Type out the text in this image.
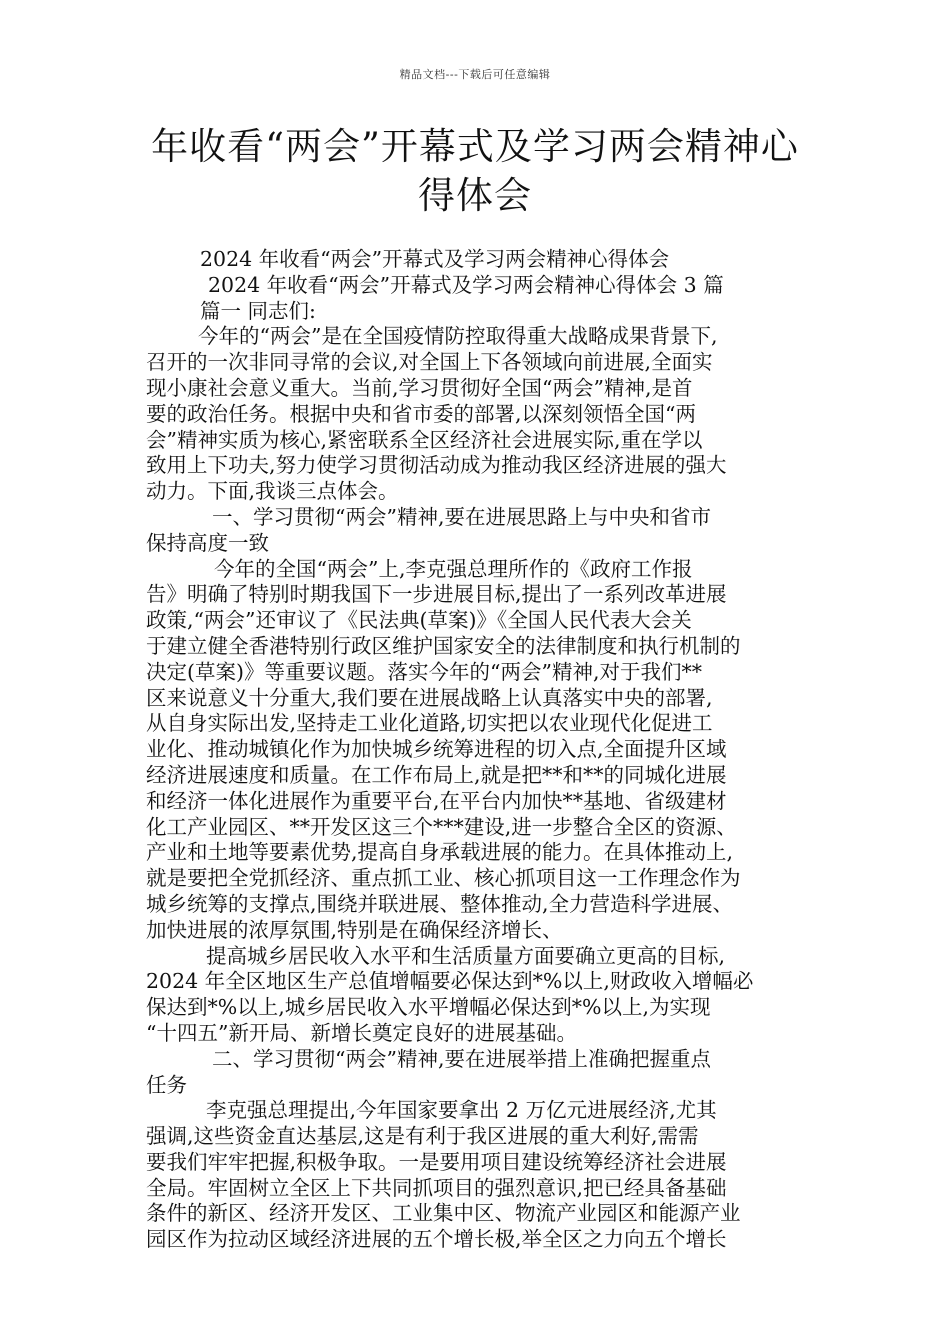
精品文档---下载后可任意编辑
年收看“两会”开幕式及学习两会精神心
得体会
2024 年收看“两会”开幕式及学习两会精神心得体会
2024 年收看“两会”开幕式及学习两会精神心得体会 3 篇
篇一 同志们:
今年的“两会”是在全国疫情防控取得重大战略成果背景下,
召开的一次非同寻常的会议,对全国上下各领域向前进展,全面实
现小康社会意义重大。当前,学习贯彻好全国“两会”精神,是首
要的政治任务。根据中央和省市委的部署,以深刻领悟全国“两
会”精神实质为核心,紧密联系全区经济社会进展实际,重在学以
致用上下功夫,努力使学习贯彻活动成为推动我区经济进展的强大
动力。下面,我谈三点体会。
一、学习贯彻“两会”精神,要在进展思路上与中央和省市
保持高度一致
今年的全国“两会”上,李克强总理所作的《政府工作报
告》明确了特别时期我国下一步进展目标,提出了一系列改革进展
政策,“两会”还审议了《民法典(草案)》《全国人民代表大会关
于建立健全香港特别行政区维护国家安全的法律制度和执行机制的
决定(草案)》等重要议题。落实今年的“两会”精神,对于我们**
区来说意义十分重大,我们要在进展战略上认真落实中央的部署,
从自身实际出发,坚持走工业化道路,切实把以农业现代化促进工
业化、推动城镇化作为加快城乡统筹进程的切入点,全面提升区域
经济进展速度和质量。在工作布局上,就是把**和**的同城化进展
和经济一体化进展作为重要平台,在平台内加快**基地、省级建材
化工产业园区、**开发区这三个***建设,进一步整合全区的资源、
产业和土地等要素优势,提高自身承载进展的能力。在具体推动上,
就是要把全党抓经济、重点抓工业、核心抓项目这一工作理念作为
城乡统筹的支撑点,围绕并联进展、整体推动,全力营造科学进展、
加快进展的浓厚氛围,特别是在确保经济增长、
提高城乡居民收入水平和生活质量方面要确立更高的目标,
2024 年全区地区生产总值增幅要必保达到*%以上,财政收入增幅必
保达到*%以上,城乡居民收入水平增幅必保达到*%以上,为实现
“十四五”新开局、新增长奠定良好的进展基础。
二、学习贯彻“两会”精神,要在进展举措上准确把握重点
任务
李克强总理提出,今年国家要拿出 2 万亿元进展经济,尤其
强调,这些资金直达基层,这是有利于我区进展的重大利好,需需
要我们牢牢把握,积极争取。一是要用项目建设统筹经济社会进展
全局。牢固树立全区上下共同抓项目的强烈意识,把已经具备基础
条件的新区、经济开发区、工业集中区、物流产业园区和能源产业
园区作为拉动区域经济进展的五个增长极,举全区之力向五个增长
